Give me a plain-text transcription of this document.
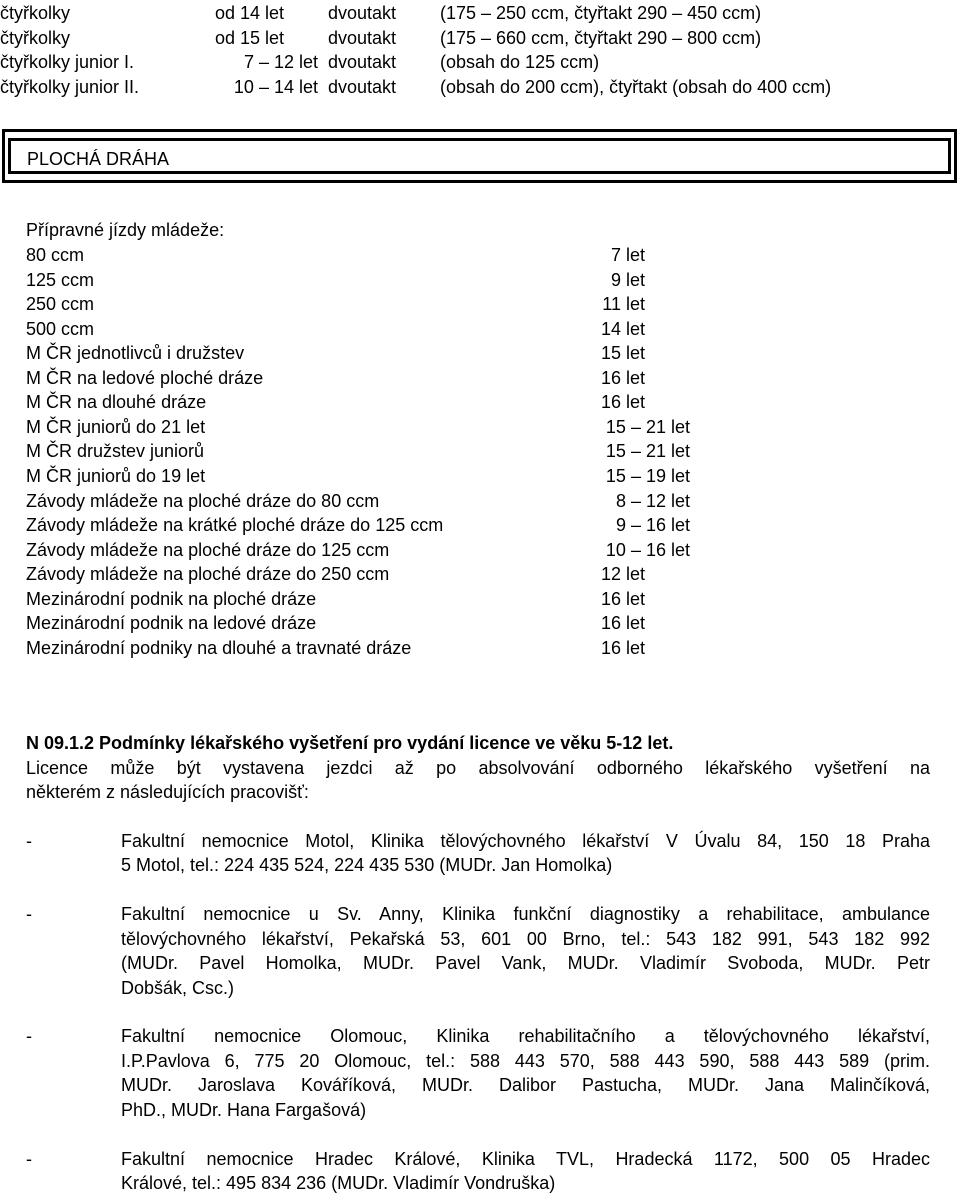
čtyřkolky	od 14 let dvoutakt (175 – 250 ccm, čtyřtakt 290 – 450 ccm)
čtyřkolky	od 15 let dvoutakt (175 – 660 ccm, čtyřtakt 290 – 800 ccm)
čtyřkolky junior I.	7 – 12 let dvoutakt (obsah do 125 ccm)
čtyřkolky junior II.	10 – 14 let dvoutakt (obsah do 200 ccm), čtyřtakt (obsah do 400 ccm)
PLOCHÁ DRÁHA
Přípravné jízdy mládeže:
80 ccm	7 let
125 ccm	9 let
250 ccm	11 let
500 ccm	14 let
M ČR jednotlivců i družstev	15 let
M ČR na ledové ploché dráze	16 let
M ČR na dlouhé dráze	16 let
M ČR juniorů do 21 let	15 – 21 let
M ČR družstev juniorů	15 – 21 let
M ČR juniorů do 19 let	15 – 19 let
Závody mládeže na ploché dráze do 80 ccm	8 – 12 let
Závody mládeže na krátké ploché dráze do 125 ccm	9 – 16 let
Závody mládeže na ploché dráze do 125 ccm	10 – 16 let
Závody mládeže na ploché dráze do 250 ccm	12 let
Mezinárodní podnik na ploché dráze	16 let
Mezinárodní podnik na ledové dráze	16 let
Mezinárodní podniky na dlouhé a travnaté dráze	16 let
N 09.1.2 Podmínky lékařského vyšetření pro vydání licence ve věku 5-12 let.
Licence může být vystavena jezdci až po absolvování odborného lékařského vyšetření na
některém z následujících pracovišť:
-	Fakultní nemocnice Motol, Klinika tělovýchovného lékařství V Úvalu 84, 150 18 Praha
5 Motol, tel.: 224 435 524, 224 435 530 (MUDr. Jan Homolka)
-	Fakultní nemocnice u Sv. Anny, Klinika funkční diagnostiky a rehabilitace, ambulance
tělovýchovného lékařství, Pekařská 53, 601 00 Brno, tel.: 543 182 991, 543 182 992
(MUDr. Pavel Homolka, MUDr. Pavel Vank, MUDr. Vladimír Svoboda, MUDr. Petr
Dobšák, Csc.)
-	Fakultní nemocnice Olomouc, Klinika rehabilitačního a tělovýchovného lékařství,
I.P.Pavlova 6, 775 20 Olomouc, tel.: 588 443 570, 588 443 590, 588 443 589 (prim.
MUDr. Jaroslava Kováříková, MUDr. Dalibor Pastucha, MUDr. Jana Malinčíková,
PhD., MUDr. Hana Fargašová)
-	Fakultní nemocnice Hradec Králové, Klinika TVL, Hradecká 1172, 500 05 Hradec
Králové, tel.: 495 834 236 (MUDr. Vladimír Vondruška)
